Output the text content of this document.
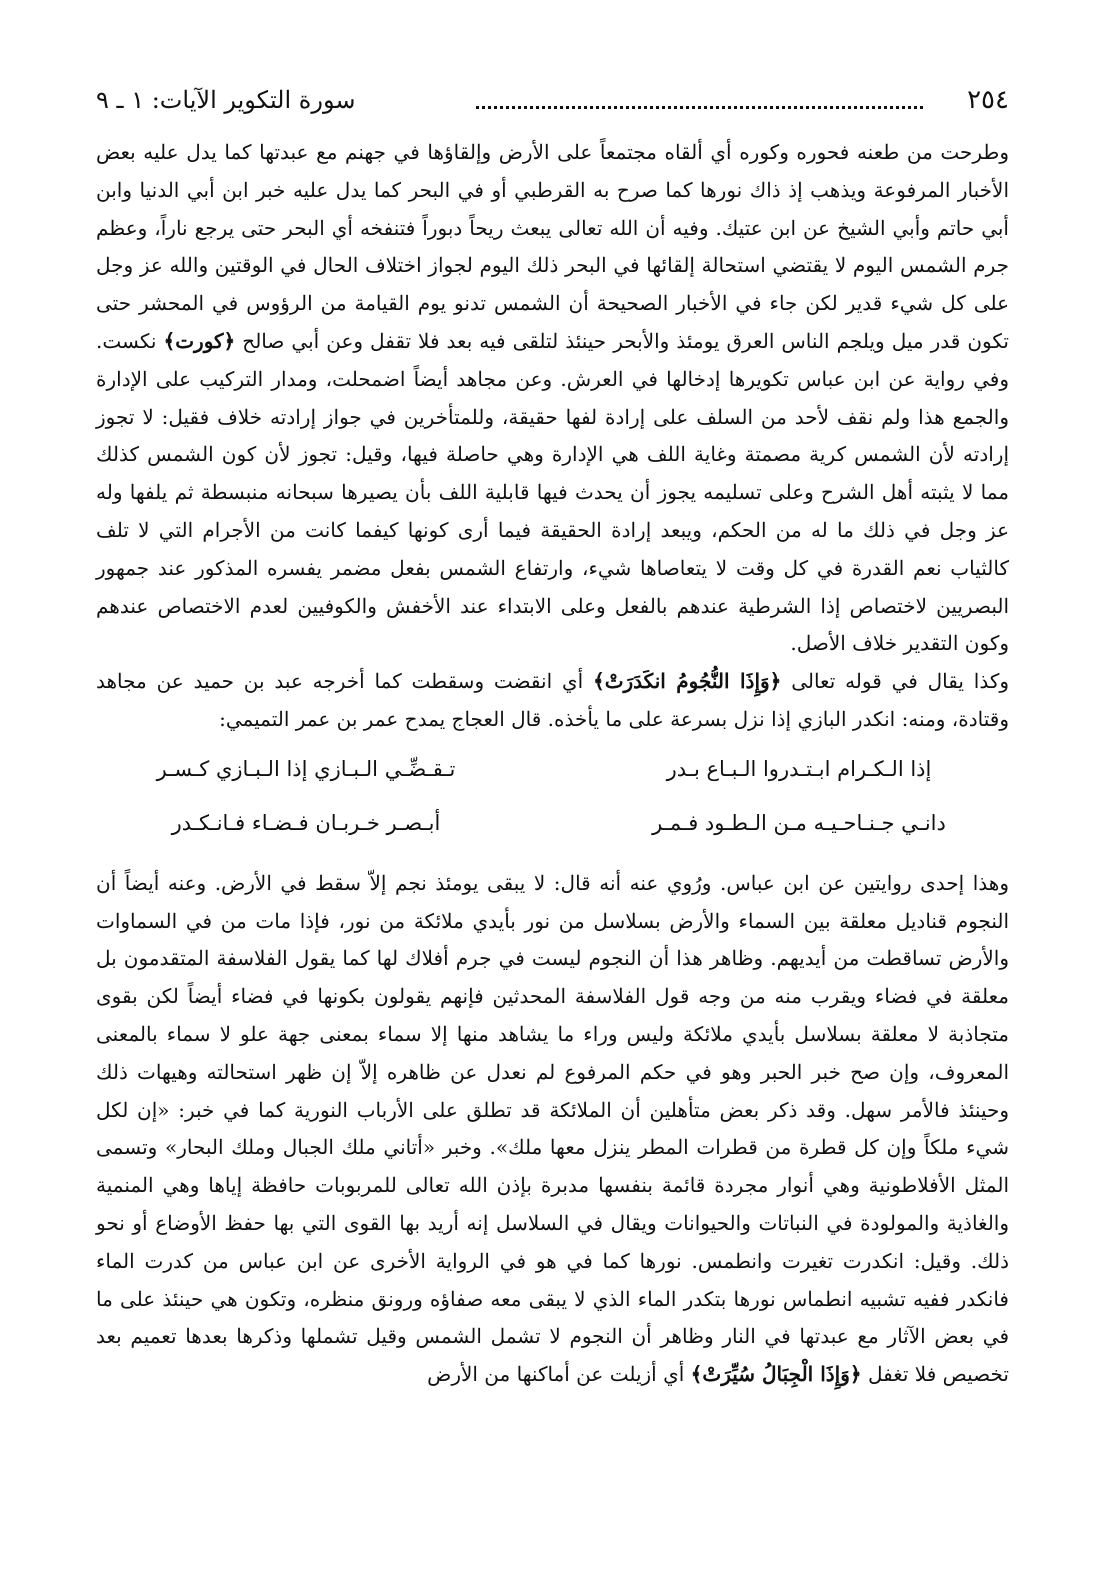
٢٥٤
سورة التكوير الآيات: ١ ـ ٩

وطرحت من طعنه فحوره وكوره أي ألقاه مجتمعاً على الأرض وإلقاؤها في جهنم مع عبدتها كما يدل عليه بعض الأخبار المرفوعة ويذهب إذ ذاك نورها كما صرح به القرطبي أو في البحر كما يدل عليه خبر ابن أبي الدنيا وابن أبي حاتم وأبي الشيخ عن ابن عتيك. وفيه أن الله تعالى يبعث ريحاً دبوراً فتنفخه أي البحر حتى يرجع ناراً، وعظم جرم الشمس اليوم لا يقتضي استحالة إلقائها في البحر ذلك اليوم لجواز اختلاف الحال في الوقتين والله عز وجل على كل شيء قدير لكن جاء في الأخبار الصحيحة أن الشمس تدنو يوم القيامة من الرؤوس في المحشر حتى تكون قدر ميل ويلجم الناس العرق يومئذ والأبحر حينئذ لتلقى فيه بعد فلا تقفل وعن أبي صالح ﴿كورت﴾ نكست. وفي رواية عن ابن عباس تكويرها إدخالها في العرش. وعن مجاهد أيضاً اضمحلت، ومدار التركيب على الإدارة والجمع هذا ولم نقف لأحد من السلف على إرادة لفها حقيقة، وللمتأخرين في جواز إرادته خلاف فقيل: لا تجوز إرادته لأن الشمس كرية مصمتة وغاية اللف هي الإدارة وهي حاصلة فيها، وقيل: تجوز لأن كون الشمس كذلك مما لا يثبته أهل الشرح وعلى تسليمه يجوز أن يحدث فيها قابلية اللف بأن يصيرها سبحانه منبسطة ثم يلفها وله عز وجل في ذلك ما له من الحكم، ويبعد إرادة الحقيقة فيما أرى كونها كيفما كانت من الأجرام التي لا تلف كالثياب نعم القدرة في كل وقت لا يتعاصاها شيء، وارتفاع الشمس بفعل مضمر يفسره المذكور عند جمهور البصريين لاختصاص إذا الشرطية عندهم بالفعل وعلى الابتداء عند الأخفش والكوفيين لعدم الاختصاص عندهم وكون التقدير خلاف الأصل.

وكذا يقال في قوله تعالى ﴿وَإِذَا النُّجُومُ انكَدَرَتْ﴾ أي انقضت وسقطت كما أخرجه عبد بن حميد عن مجاهد وقتادة، ومنه: انكدر البازي إذا نزل بسرعة على ما يأخذه. قال العجاج يمدح عمر بن عمر التميمي:

إذا الـكـرام ابـتـدروا الـبـاع بـدر
تـقـضِّـي الـبـازي إذا الـبـازي كـسـر
دانـي جـنـاحـيـه مـن الـطـود فـمـر
أبـصـر خـربـان فـضـاء فـانـكـدر

وهذا إحدى روايتين عن ابن عباس. ورُوي عنه أنه قال: لا يبقى يومئذ نجم إلاّ سقط في الأرض. وعنه أيضاً أن النجوم قناديل معلقة بين السماء والأرض بسلاسل من نور بأيدي ملائكة من نور، فإذا مات من في السماوات والأرض تساقطت من أيديهم. وظاهر هذا أن النجوم ليست في جرم أفلاك لها كما يقول الفلاسفة المتقدمون بل معلقة في فضاء ويقرب منه من وجه قول الفلاسفة المحدثين فإنهم يقولون بكونها في فضاء أيضاً لكن بقوى متجاذبة لا معلقة بسلاسل بأيدي ملائكة وليس وراء ما يشاهد منها إلا سماء بمعنى جهة علو لا سماء بالمعنى المعروف، وإن صح خبر الحبر وهو في حكم المرفوع لم نعدل عن ظاهره إلاّ إن ظهر استحالته وهيهات ذلك وحينئذ فالأمر سهل. وقد ذكر بعض متأهلين أن الملائكة قد تطلق على الأرباب النورية كما في خبر: «إن لكل شيء ملكاً وإن كل قطرة من قطرات المطر ينزل معها ملك». وخبر «أتاني ملك الجبال وملك البحار» وتسمى المثل الأفلاطونية وهي أنوار مجردة قائمة بنفسها مدبرة بإذن الله تعالى للمربوبات حافظة إياها وهي المنمية والغاذية والمولودة في النباتات والحيوانات ويقال في السلاسل إنه أريد بها القوى التي بها حفظ الأوضاع أو نحو ذلك. وقيل: انكدرت تغيرت وانطمس. نورها كما في هو في الرواية الأخرى عن ابن عباس من كدرت الماء فانكدر ففيه تشبيه انطماس نورها بتكدر الماء الذي لا يبقى معه صفاؤه ورونق منظره، وتكون هي حينئذ على ما في بعض الآثار مع عبدتها في النار وظاهر أن النجوم لا تشمل الشمس وقيل تشملها وذكرها بعدها تعميم بعد تخصيص فلا تغفل ﴿وَإِذَا الْجِبَالُ سُيِّرَتْ﴾ أي أزيلت عن أماكنها من الأرض
